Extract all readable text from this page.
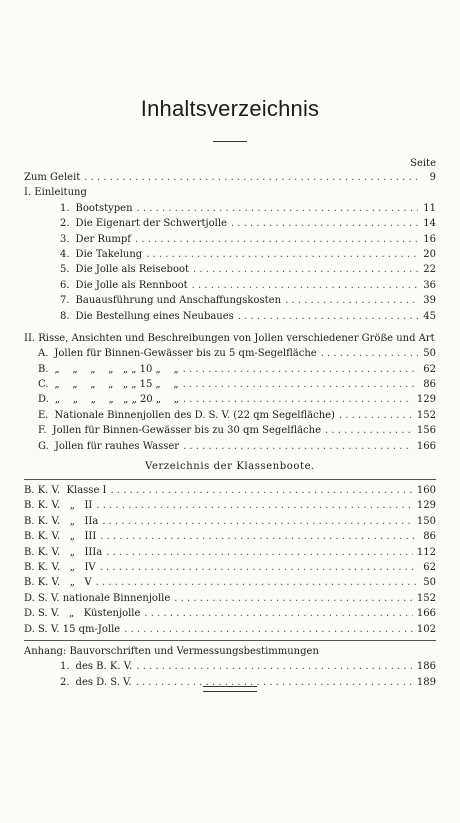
Inhaltsverzeichnis
Seite
Zum Geleit . . .	9
I. Einleitung
1. Bootstypen . . .	11
2. Die Eigenart der Schwertjolle . . .	14
3. Der Rumpf . . .	16
4. Die Takelung . . .	20
5. Die Jolle als Reiseboot . . .	22
6. Die Jolle als Rennboot . . .	36
7. Bauausführung und Anschaffungskosten . . .	39
8. Die Bestellung eines Neubaues . . .	45
II. Risse, Ansichten und Beschreibungen von Jollen verschiedener Größe und Art
A. Jollen für Binnen-Gewässer bis zu 5 qm-Segelfläche . . .	50
B. „    „    „    „   „ „ 10 „    „ . . .	62
C. „    „    „    „   „ „ 15 „    „ . . .	86
D. „    „    „    „   „ „ 20 „    „ . . .	129
E. Nationale Binnenjollen des D. S. V. (22 qm Segelfläche) . . .	152
F. Jollen für Binnen-Gewässer bis zu 30 qm Segelfläche . . .	156
G. Jollen für rauhes Wasser . . .	166
Verzeichnis der Klassenboote.
B. K. V.  Klasse I . . .	160
B. K. V.   „   II . . .	129
B. K. V.   „   IIa . . .	150
B. K. V.   „   III . . .	86
B. K. V.   „   IIIa . . .	112
B. K. V.   „   IV . . .	62
B. K. V.   „   V . . .	50
D. S. V. nationale Binnenjolle . . .	152
D. S. V.   „   Küstenjolle . . .	166
D. S. V. 15 qm-Jolle . . .	102
Anhang: Bauvorschriften und Vermessungsbestimmungen
1. des B. K. V. . . .	186
2. des D. S. V. . . .	189
